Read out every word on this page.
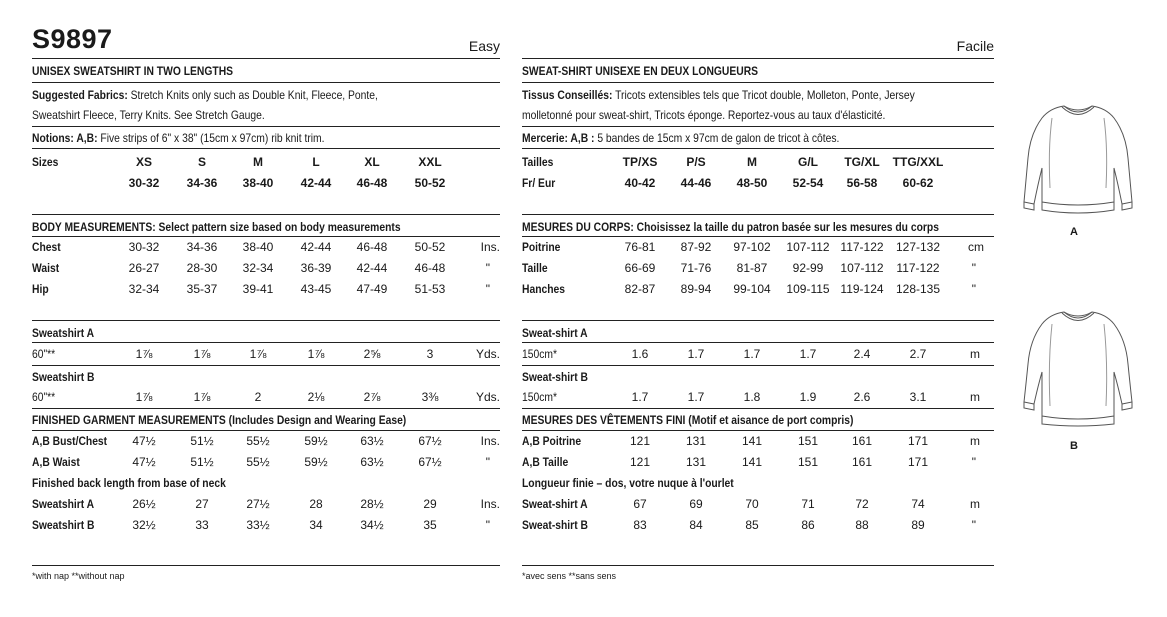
S9897	Easy
UNISEX SWEATSHIRT IN TWO LENGTHS
Suggested Fabrics: Stretch Knits only such as Double Knit, Fleece, Ponte,
Sweatshirt Fleece, Terry Knits. See Stretch Gauge.
Notions: A,B: Five strips of 6" x 38" (15cm x 97cm) rib knit trim.
Sizes	XS	S	M	L	XL	XXL
30-32 34-36 38-40 42-44 46-48 50-52
BODY MEASUREMENTS: Select pattern size based on body measurements
Chest	30-32 34-36 38-40 42-44 46-48 50-52	Ins.
Waist	26-27 28-30 32-34 36-39 42-44 46-48	"
Hip	32-34 35-37 39-41 43-45 47-49 51-53	"
Sweatshirt A
60"**	1⅞	1⅞	1⅞	1⅞	2⅝	3	Yds.
Sweatshirt B
60"**	1⅞	1⅞	2	2⅛	2⅞	3⅜	Yds.
FINISHED GARMENT MEASUREMENTS (Includes Design and Wearing Ease)
A,B Bust/Chest 47½	51½	55½	59½	63½	67½	Ins.
A,B Waist	47½	51½	55½	59½	63½	67½	"
Finished back length from base of neck
Sweatshirt A	26½	27	27½	28	28½	29	Ins.
Sweatshirt B	32½	33	33½	34	34½	35	"
*with nap **without nap
Facile
SWEAT-SHIRT UNISEXE EN DEUX LONGUEURS
Tissus Conseillés: Tricots extensibles tels que Tricot double, Molleton, Ponte, Jersey
molletonné pour sweat-shirt, Tricots éponge. Reportez-vous au taux d'élasticité.
Mercerie: A,B : 5 bandes de 15cm x 97cm de galon de tricot à côtes.
Tailles
Fr/ Eur
TP/XS P/S	M	G/L TG/XL TTG/XXL
40-42 44-46 48-50 52-54 56-58 60-62
MESURES DU CORPS: Choisissez la taille du patron basée sur les mesures du corps
Poitrine	76-81 87-92 97-102 107-112 117-122 127-132 cm
Taille	66-69 71-76 81-87 92-99 107-112 117-122	"
Hanches	82-87 89-94 99-104 109-115 119-124 128-135	"
Sweat-shirt A
150cm*	1.6	1.7	1.7	1.7	2.4	2.7	m
Sweat-shirt B
150cm*	1.7	1.7	1.8	1.9	2.6	3.1	m
MESURES DES VÊTEMENTS FINI (Motif et aisance de port compris)
A,B Poitrine	121	131	141	151	161	171	m
A,B Taille	121	131	141	151	161	171	"
Longueur finie – dos, votre nuque à l'ourlet
Sweat-shirt A	67	69	70	71	72	74	m
Sweat-shirt B	83	84	85	86	88	89	"
*avec sens **sans sens
A
B
